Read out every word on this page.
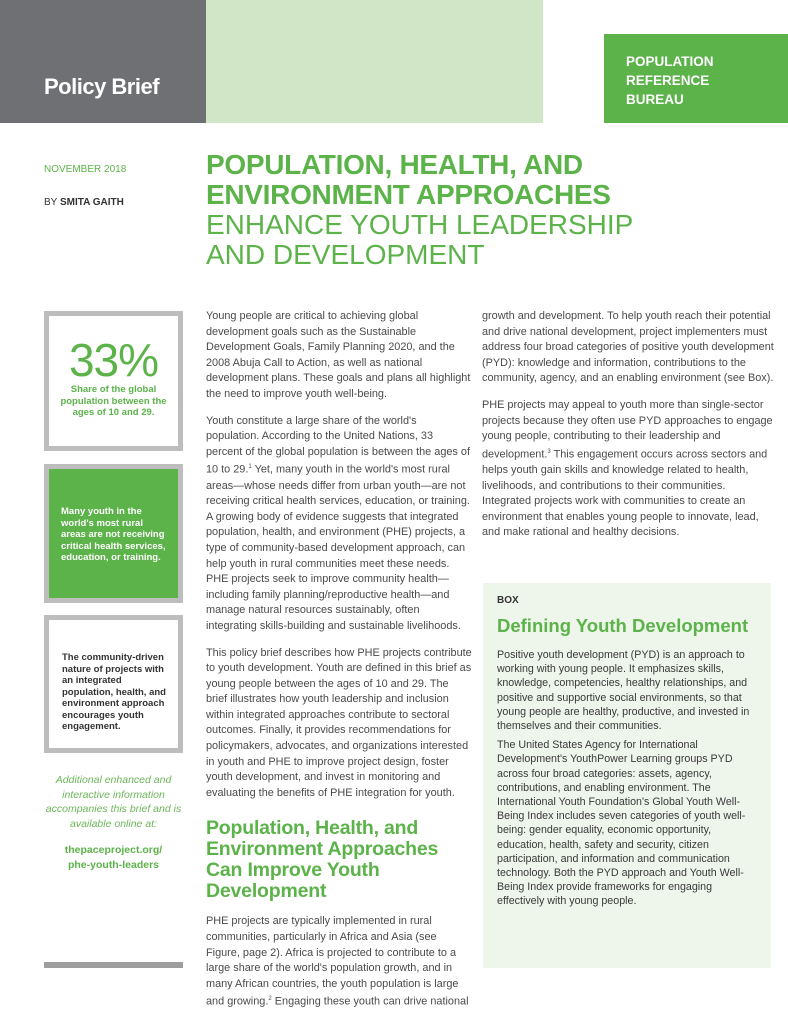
Policy Brief
POPULATION
REFERENCE
BUREAU
NOVEMBER 2018
BY SMITA GAITH
POPULATION, HEALTH, AND
ENVIRONMENT APPROACHES
ENHANCE YOUTH LEADERSHIP
AND DEVELOPMENT
33%
Share of the global population between the ages of 10 and 29.
Many youth in the world's most rural areas are not receiving critical health services, education, or training.
The community-driven nature of projects with an integrated population, health, and environment approach encourages youth engagement.
Additional enhanced and interactive information accompanies this brief and is available online at:
thepaceproject.org/
phe-youth-leaders

Young people are critical to achieving global development goals such as the Sustainable Development Goals, Family Planning 2020, and the 2008 Abuja Call to Action, as well as national development plans. These goals and plans all highlight the need to improve youth well-being.

Youth constitute a large share of the world's population. According to the United Nations, 33 percent of the global population is between the ages of 10 to 29.$^1$ Yet, many youth in the world's most rural areas—whose needs differ from urban youth—are not receiving critical health services, education, or training. A growing body of evidence suggests that integrated population, health, and environment (PHE) projects, a type of community-based development approach, can help youth in rural communities meet these needs. PHE projects seek to improve community health—including family planning/reproductive health—and manage natural resources sustainably, often integrating skills-building and sustainable livelihoods.

This policy brief describes how PHE projects contribute to youth development. Youth are defined in this brief as young people between the ages of 10 and 29. The brief illustrates how youth leadership and inclusion within integrated approaches contribute to sectoral outcomes. Finally, it provides recommendations for policymakers, advocates, and organizations interested in youth and PHE to improve project design, foster youth development, and invest in monitoring and evaluating the benefits of PHE integration for youth.

Population, Health, and Environment Approaches Can Improve Youth Development

PHE projects are typically implemented in rural communities, particularly in Africa and Asia (see Figure, page 2). Africa is projected to contribute to a large share of the world's population growth, and in many African countries, the youth population is large and growing.$^2$ Engaging these youth can drive national

growth and development. To help youth reach their potential and drive national development, project implementers must address four broad categories of positive youth development (PYD): knowledge and information, contributions to the community, agency, and an enabling environment (see Box).

PHE projects may appeal to youth more than single-sector projects because they often use PYD approaches to engage young people, contributing to their leadership and development.$^3$ This engagement occurs across sectors and helps youth gain skills and knowledge related to health, livelihoods, and contributions to their communities. Integrated projects work with communities to create an environment that enables young people to innovate, lead, and make rational and healthy decisions.

BOX
Defining Youth Development

Positive youth development (PYD) is an approach to working with young people. It emphasizes skills, knowledge, competencies, healthy relationships, and positive and supportive social environments, so that young people are healthy, productive, and invested in themselves and their communities.

The United States Agency for International Development's YouthPower Learning groups PYD across four broad categories: assets, agency, contributions, and enabling environment. The International Youth Foundation's Global Youth Well-Being Index includes seven categories of youth well-being: gender equality, economic opportunity, education, health, safety and security, citizen participation, and information and communication technology. Both the PYD approach and Youth Well-Being Index provide frameworks for engaging effectively with young people.
